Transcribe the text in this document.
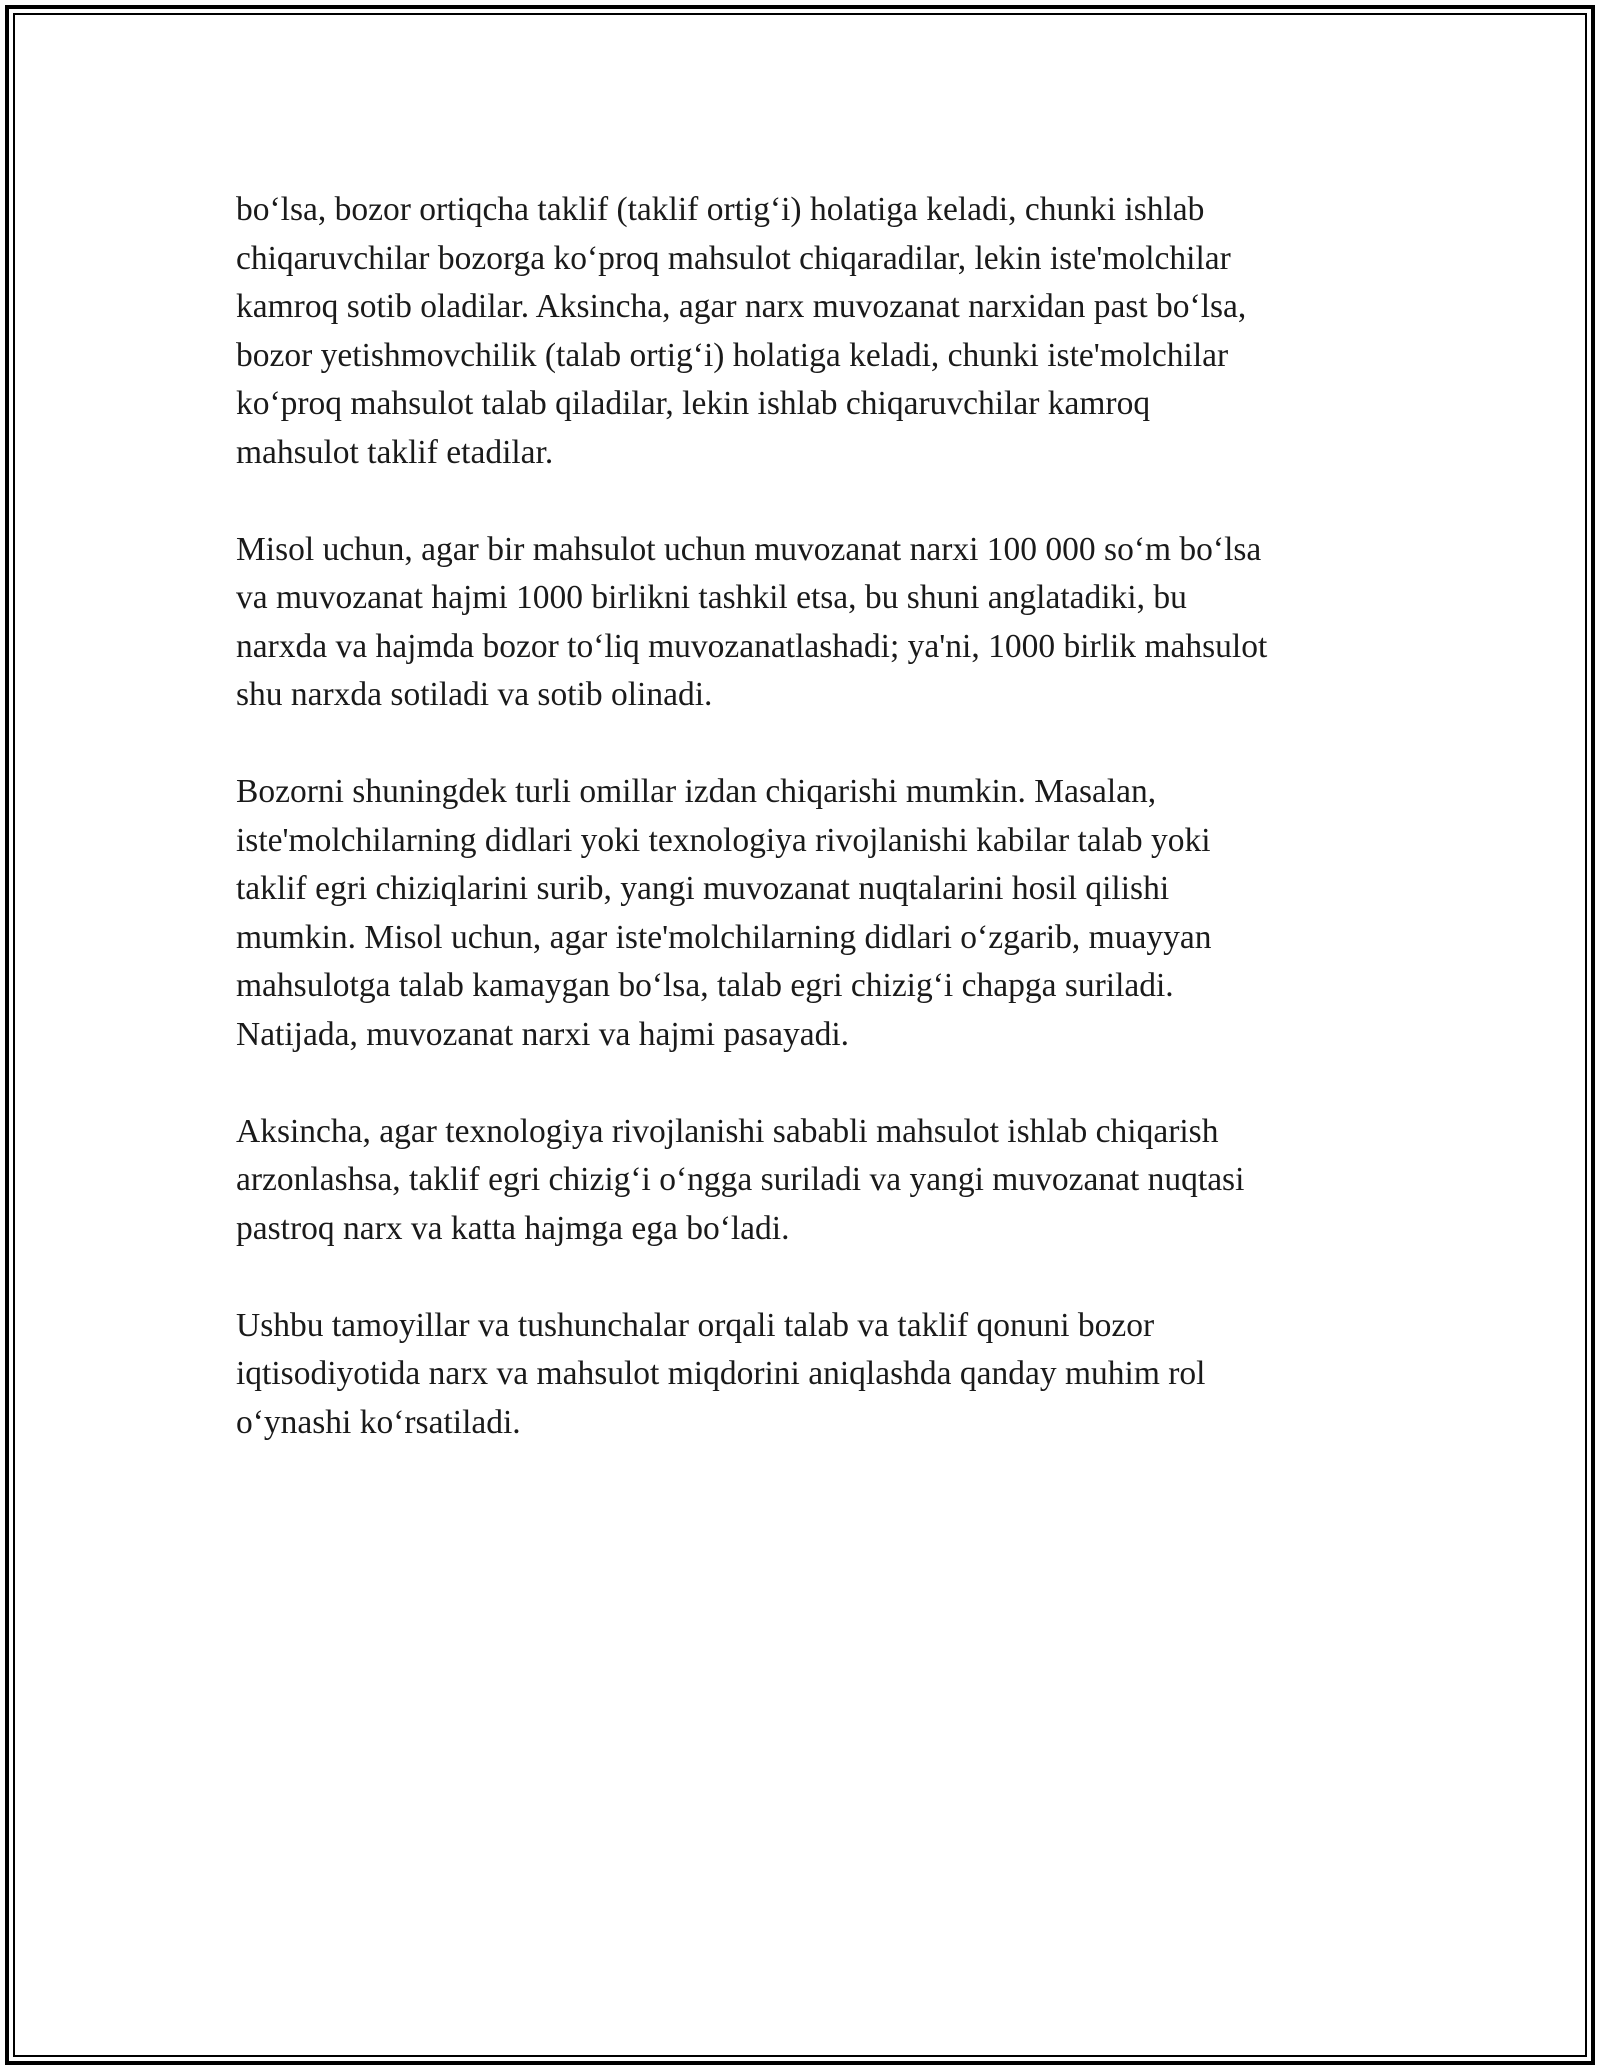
bo‘lsa, bozor ortiqcha taklif (taklif ortig‘i) holatiga keladi, chunki ishlab
chiqaruvchilar bozorga ko‘proq mahsulot chiqaradilar, lekin iste'molchilar
kamroq sotib oladilar. Aksincha, agar narx muvozanat narxidan past bo‘lsa,
bozor yetishmovchilik (talab ortig‘i) holatiga keladi, chunki iste'molchilar
ko‘proq mahsulot talab qiladilar, lekin ishlab chiqaruvchilar kamroq
mahsulot taklif etadilar.

Misol uchun, agar bir mahsulot uchun muvozanat narxi 100 000 so‘m bo‘lsa
va muvozanat hajmi 1000 birlikni tashkil etsa, bu shuni anglatadiki, bu
narxda va hajmda bozor to‘liq muvozanatlashadi; ya'ni, 1000 birlik mahsulot
shu narxda sotiladi va sotib olinadi.

Bozorni shuningdek turli omillar izdan chiqarishi mumkin. Masalan,
iste'molchilarning didlari yoki texnologiya rivojlanishi kabilar talab yoki
taklif egri chiziqlarini surib, yangi muvozanat nuqtalarini hosil qilishi
mumkin. Misol uchun, agar iste'molchilarning didlari o‘zgarib, muayyan
mahsulotga talab kamaygan bo‘lsa, talab egri chizig‘i chapga suriladi.
Natijada, muvozanat narxi va hajmi pasayadi.

Aksincha, agar texnologiya rivojlanishi sababli mahsulot ishlab chiqarish
arzonlashsa, taklif egri chizig‘i o‘ngga suriladi va yangi muvozanat nuqtasi
pastroq narx va katta hajmga ega bo‘ladi.

Ushbu tamoyillar va tushunchalar orqali talab va taklif qonuni bozor
iqtisodiyotida narx va mahsulot miqdorini aniqlashda qanday muhim rol
o‘ynashi ko‘rsatiladi.
